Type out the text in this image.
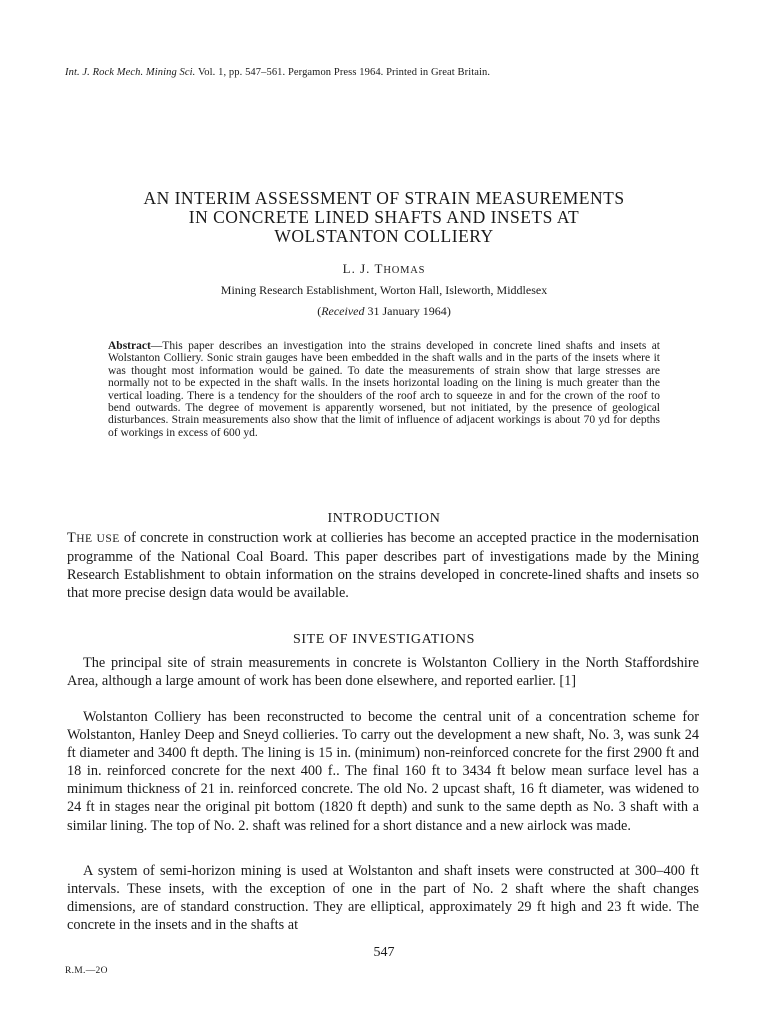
Int. J. Rock Mech. Mining Sci. Vol. 1, pp. 547–561. Pergamon Press 1964. Printed in Great Britain.
AN INTERIM ASSESSMENT OF STRAIN MEASUREMENTS
IN CONCRETE LINED SHAFTS AND INSETS AT
WOLSTANTON COLLIERY
L. J. THOMAS
Mining Research Establishment, Worton Hall, Isleworth, Middlesex
(Received 31 January 1964)

Abstract—This paper describes an investigation into the strains developed in concrete lined shafts and insets at Wolstanton Colliery. Sonic strain gauges have been embedded in the shaft walls and in the parts of the insets where it was thought most information would be gained. To date the measurements of strain show that large stresses are normally not to be expected in the shaft walls. In the insets horizontal loading on the lining is much greater than the vertical loading. There is a tendency for the shoulders of the roof arch to squeeze in and for the crown of the roof to bend outwards. The degree of movement is apparently worsened, but not initiated, by the presence of geological disturbances. Strain measurements also show that the limit of influence of adjacent workings is about 70 yd for depths of workings in excess of 600 yd.

INTRODUCTION

THE USE of concrete in construction work at collieries has become an accepted practice in the modernisation programme of the National Coal Board. This paper describes part of investigations made by the Mining Research Establishment to obtain information on the strains developed in concrete-lined shafts and insets so that more precise design data would be available.

SITE OF INVESTIGATIONS

The principal site of strain measurements in concrete is Wolstanton Colliery in the North Staffordshire Area, although a large amount of work has been done elsewhere, and reported earlier. [1]

Wolstanton Colliery has been reconstructed to become the central unit of a concentration scheme for Wolstanton, Hanley Deep and Sneyd collieries. To carry out the development a new shaft, No. 3, was sunk 24 ft diameter and 3400 ft depth. The lining is 15 in. (minimum) non-reinforced concrete for the first 2900 ft and 18 in. reinforced concrete for the next 400 f.. The final 160 ft to 3434 ft below mean surface level has a minimum thickness of 21 in. reinforced concrete. The old No. 2 upcast shaft, 16 ft diameter, was widened to 24 ft in stages near the original pit bottom (1820 ft depth) and sunk to the same depth as No. 3 shaft with a similar lining. The top of No. 2. shaft was relined for a short distance and a new airlock was made.

A system of semi-horizon mining is used at Wolstanton and shaft insets were constructed at 300–400 ft intervals. These insets, with the exception of one in the part of No. 2 shaft where the shaft changes dimensions, are of standard construction. They are elliptical, approximately 29 ft high and 23 ft wide. The concrete in the insets and in the shafts at

547
R.M.—2O
